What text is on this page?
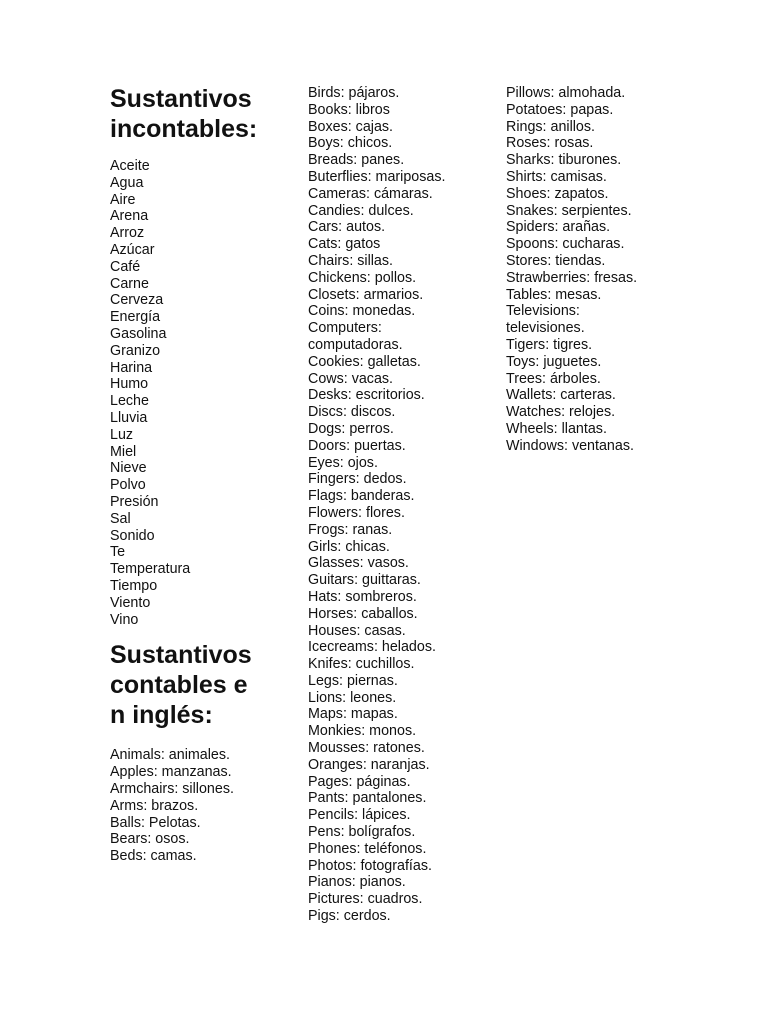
Sustantivos incontables:
Aceite
Agua
Aire
Arena
Arroz
Azúcar
Café
Carne
Cerveza
Energía
Gasolina
Granizo
Harina
Humo
Leche
Lluvia
Luz
Miel
Nieve
Polvo
Presión
Sal
Sonido
Te
Temperatura
Tiempo
Viento
Vino
Sustantivos contables en inglés:
Animals: animales.
Apples: manzanas.
Armchairs: sillones.
Arms: brazos.
Balls: Pelotas.
Bears: osos.
Beds: camas.
Birds: pájaros.
Books: libros
Boxes: cajas.
Boys: chicos.
Breads: panes.
Buterflies: mariposas.
Cameras: cámaras.
Candies: dulces.
Cars: autos.
Cats: gatos
Chairs: sillas.
Chickens: pollos.
Closets: armarios.
Coins: monedas.
Computers:
computadoras.
Cookies: galletas.
Cows: vacas.
Desks: escritorios.
Discs: discos.
Dogs: perros.
Doors: puertas.
Eyes: ojos.
Fingers: dedos.
Flags: banderas.
Flowers: flores.
Frogs: ranas.
Girls: chicas.
Glasses: vasos.
Guitars: guittaras.
Hats: sombreros.
Horses: caballos.
Houses: casas.
Icecreams: helados.
Knifes: cuchillos.
Legs: piernas.
Lions: leones.
Maps: mapas.
Monkies: monos.
Mousses: ratones.
Oranges: naranjas.
Pages: páginas.
Pants: pantalones.
Pencils: lápices.
Pens: bolígrafos.
Phones: teléfonos.
Photos: fotografías.
Pianos: pianos.
Pictures: cuadros.
Pigs: cerdos.
Pillows: almohada.
Potatoes: papas.
Rings: anillos.
Roses: rosas.
Sharks: tiburones.
Shirts: camisas.
Shoes: zapatos.
Snakes: serpientes.
Spiders: arañas.
Spoons: cucharas.
Stores: tiendas.
Strawberries: fresas.
Tables: mesas.
Televisions:
televisiones.
Tigers: tigres.
Toys: juguetes.
Trees: árboles.
Wallets: carteras.
Watches: relojes.
Wheels: llantas.
Windows: ventanas.
